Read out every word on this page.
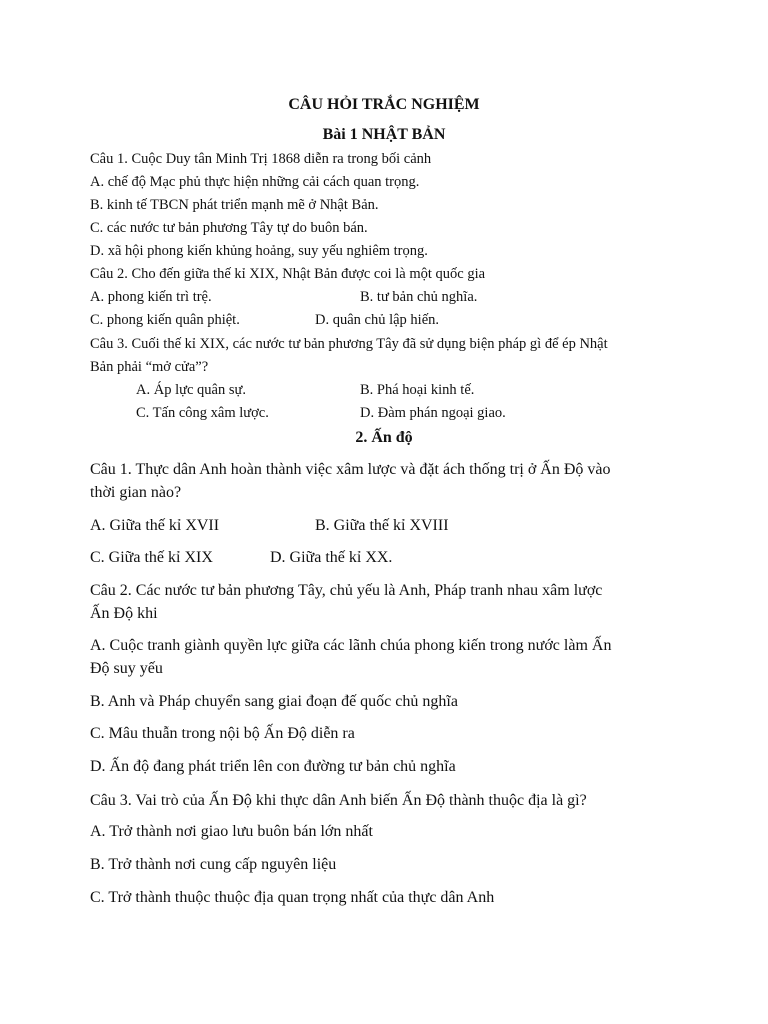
CÂU HỎI TRẮC NGHIỆM
Bài 1 NHẬT BẢN
Câu 1. Cuộc Duy tân Minh Trị 1868 diễn ra trong bối cảnh
A. chế độ Mạc phủ thực hiện những cải cách quan trọng.
B. kinh tế TBCN phát triển mạnh mẽ ở Nhật Bản.
C. các nước tư bản phương Tây tự do buôn bán.
D. xã hội phong kiến khủng hoảng, suy yếu nghiêm trọng.
Câu 2. Cho đến giữa thế kỉ XIX, Nhật Bản được coi là một quốc gia
A. phong kiến trì trệ.	B. tư bản chủ nghĩa.
C. phong kiến quân phiệt.	D. quân chủ lập hiến.
Câu 3. Cuối thế kỉ XIX, các nước tư bản phương Tây đã sử dụng biện pháp gì để ép Nhật
Bản phải “mở cửa”?
A. Áp lực quân sự.	B. Phá hoại kinh tế.
C. Tấn công xâm lược.	D. Đàm phán ngoại giao.
2. Ấn độ
Câu 1. Thực dân Anh hoàn thành việc xâm lược và đặt ách thống trị ở Ấn Độ vào
thời gian nào?
A. Giữa thế kỉ XVII	B. Giữa thế kỉ XVIII
C. Giữa thế kỉ XIX	D. Giữa thế kỉ XX.
Câu 2. Các nước tư bản phương Tây, chủ yếu là Anh, Pháp tranh nhau xâm lược
Ấn Độ khi
A. Cuộc tranh giành quyền lực giữa các lãnh chúa phong kiến trong nước làm Ấn
Độ suy yếu
B. Anh và Pháp chuyển sang giai đoạn đế quốc chủ nghĩa
C. Mâu thuẫn trong nội bộ Ấn Độ diễn ra
D. Ấn độ đang phát triển lên con đường tư bản chủ nghĩa
Câu 3. Vai trò của Ấn Độ khi thực dân Anh biến Ấn Độ thành thuộc địa là gì?
A. Trở thành nơi giao lưu buôn bán lớn nhất
B. Trở thành nơi cung cấp nguyên liệu
C. Trở thành thuộc thuộc địa quan trọng nhất của thực dân Anh
